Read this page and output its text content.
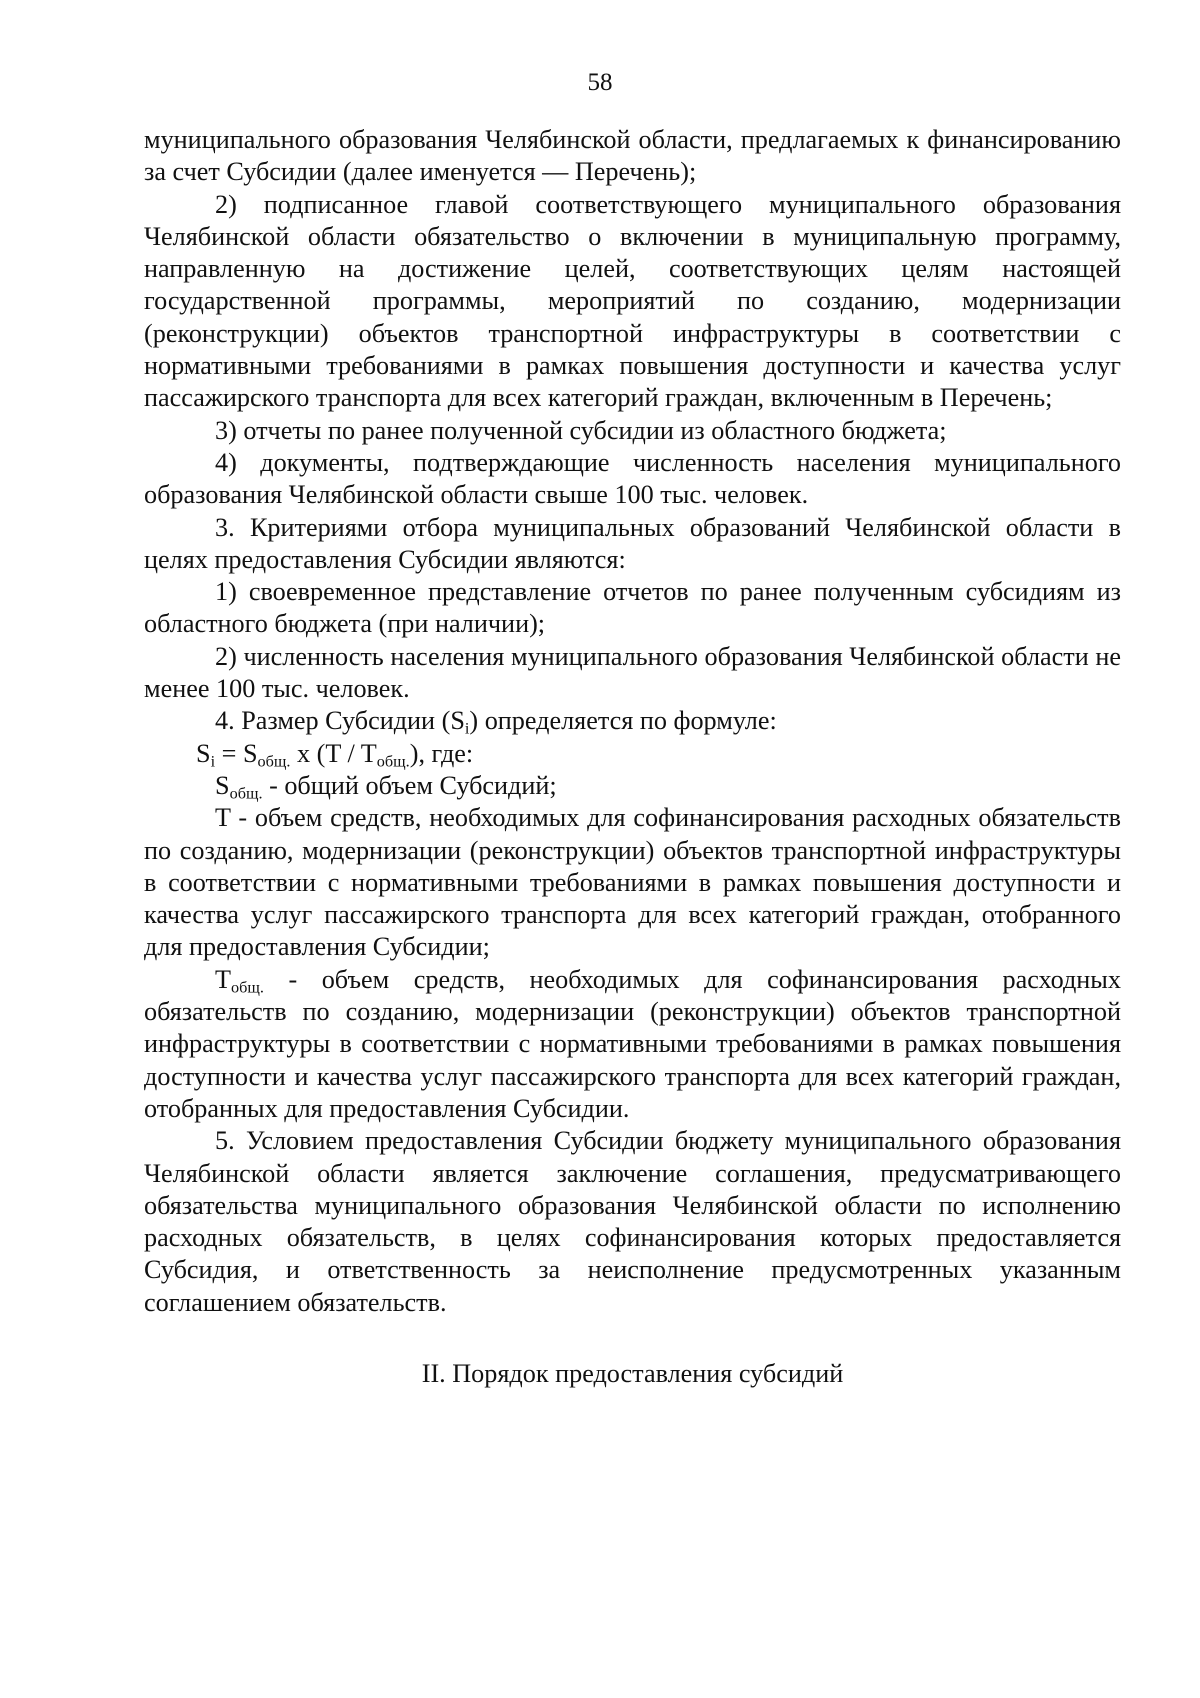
58

муниципального образования Челябинской области, предлагаемых к финансированию за счет Субсидии (далее именуется — Перечень);

2) подписанное главой соответствующего муниципального образования Челябинской области обязательство о включении в муниципальную программу, направленную на достижение целей, соответствующих целям настоящей государственной программы, мероприятий по созданию, модернизации (реконструкции) объектов транспортной инфраструктуры в соответствии с нормативными требованиями в рамках повышения доступности и качества услуг пассажирского транспорта для всех категорий граждан, включенным в Перечень;

3) отчеты по ранее полученной субсидии из областного бюджета;

4) документы, подтверждающие численность населения муниципального образования Челябинской области свыше 100 тыс. человек.

3. Критериями отбора муниципальных образований Челябинской области в целях предоставления Субсидии являются:

1) своевременное представление отчетов по ранее полученным субсидиям из областного бюджета (при наличии);

2) численность населения муниципального образования Челябинской области не менее 100 тыс. человек.

4. Размер Субсидии $(S_i)$ определяется по формуле:

$S_i = S_{общ.}$ x $(T / T_{общ.})$, где:

$S_{общ.}$ - общий объем Субсидий;

T - объем средств, необходимых для софинансирования расходных обязательств по созданию, модернизации (реконструкции) объектов транспортной инфраструктуры в соответствии с нормативными требованиями в рамках повышения доступности и качества услуг пассажирского транспорта для всех категорий граждан, отобранного для предоставления Субсидии;

$T_{общ.}$ - объем средств, необходимых для софинансирования расходных обязательств по созданию, модернизации (реконструкции) объектов транспортной инфраструктуры в соответствии с нормативными требованиями в рамках повышения доступности и качества услуг пассажирского транспорта для всех категорий граждан, отобранных для предоставления Субсидии.

5. Условием предоставления Субсидии бюджету муниципального образования Челябинской области является заключение соглашения, предусматривающего обязательства муниципального образования Челябинской области по исполнению расходных обязательств, в целях софинансирования которых предоставляется Субсидия, и ответственность за неисполнение предусмотренных указанным соглашением обязательств.

II. Порядок предоставления субсидий
